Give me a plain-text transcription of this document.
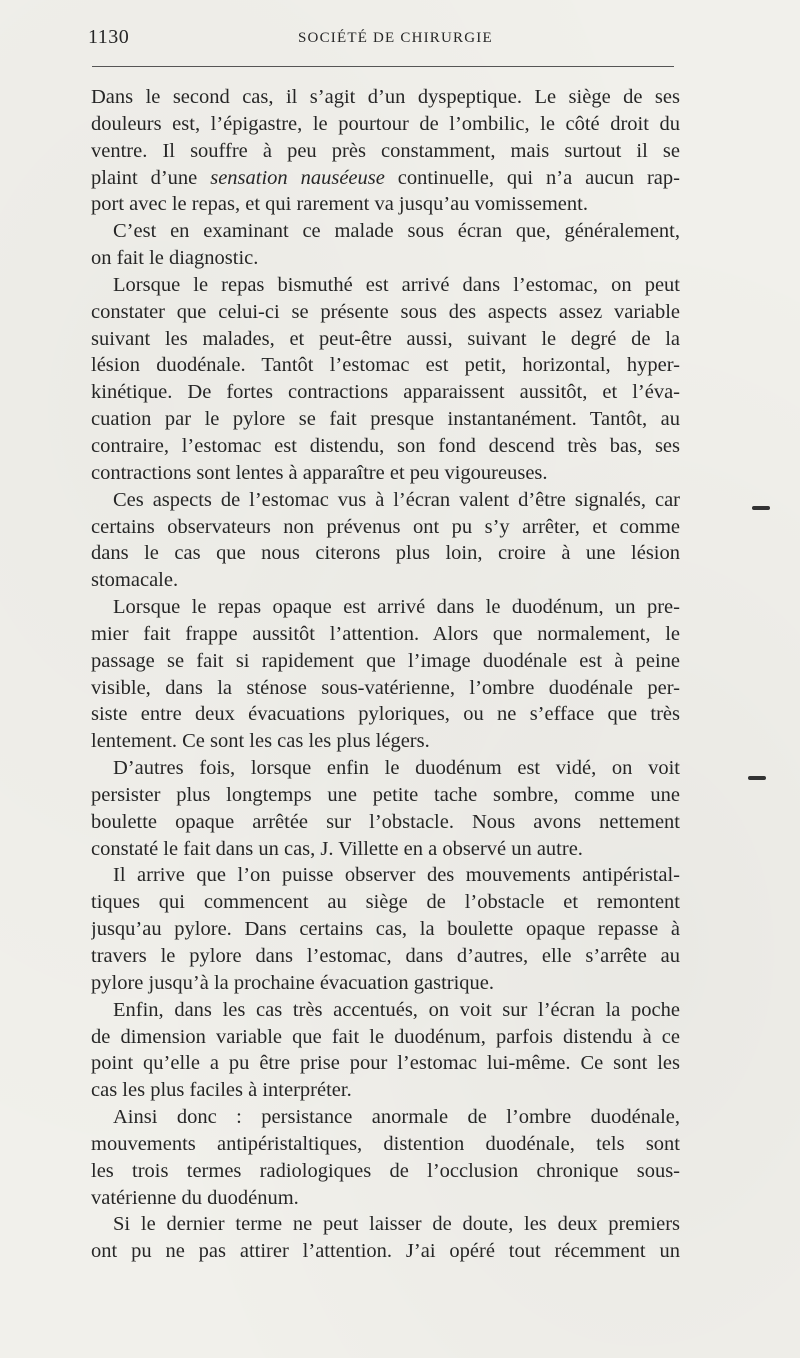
1130	SOCIÉTÉ DE CHIRURGIE
Dans le second cas, il s’agit d’un dyspeptique. Le siège de ses
douleurs est, l’épigastre, le pourtour de l’ombilic, le côté droit du
ventre. Il souffre à peu près constamment, mais surtout il se
plaint d’une sensation nauséeuse continuelle, qui n’a aucun rap-
port avec le repas, et qui rarement va jusqu’au vomissement.
C’est en examinant ce malade sous écran que, généralement,
on fait le diagnostic.
Lorsque le repas bismuthé est arrivé dans l’estomac, on peut
constater que celui-ci se présente sous des aspects assez variable
suivant les malades, et peut-être aussi, suivant le degré de la
lésion duodénale. Tantôt l’estomac est petit, horizontal, hyper-
kinétique. De fortes contractions apparaissent aussitôt, et l’éva-
cuation par le pylore se fait presque instantanément. Tantôt, au
contraire, l’estomac est distendu, son fond descend très bas, ses
contractions sont lentes à apparaître et peu vigoureuses.
Ces aspects de l’estomac vus à l’écran valent d’être signalés, car
certains observateurs non prévenus ont pu s’y arrêter, et comme
dans le cas que nous citerons plus loin, croire à une lésion
stomacale.
Lorsque le repas opaque est arrivé dans le duodénum, un pre-
mier fait frappe aussitôt l’attention. Alors que normalement, le
passage se fait si rapidement que l’image duodénale est à peine
visible, dans la sténose sous-vatérienne, l’ombre duodénale per-
siste entre deux évacuations pyloriques, ou ne s’efface que très
lentement. Ce sont les cas les plus légers.
D’autres fois, lorsque enfin le duodénum est vidé, on voit
persister plus longtemps une petite tache sombre, comme une
boulette opaque arrêtée sur l’obstacle. Nous avons nettement
constaté le fait dans un cas, J. Villette en a observé un autre.
Il arrive que l’on puisse observer des mouvements antipéristal-
tiques qui commencent au siège de l’obstacle et remontent
jusqu’au pylore. Dans certains cas, la boulette opaque repasse à
travers le pylore dans l’estomac, dans d’autres, elle s’arrête au
pylore jusqu’à la prochaine évacuation gastrique.
Enfin, dans les cas très accentués, on voit sur l’écran la poche
de dimension variable que fait le duodénum, parfois distendu à ce
point qu’elle a pu être prise pour l’estomac lui-même. Ce sont les
cas les plus faciles à interpréter.
Ainsi donc : persistance anormale de l’ombre duodénale,
mouvements antipéristaltiques, distention duodénale, tels sont
les trois termes radiologiques de l’occlusion chronique sous-
vatérienne du duodénum.
Si le dernier terme ne peut laisser de doute, les deux premiers
ont pu ne pas attirer l’attention. J’ai opéré tout récemment un
